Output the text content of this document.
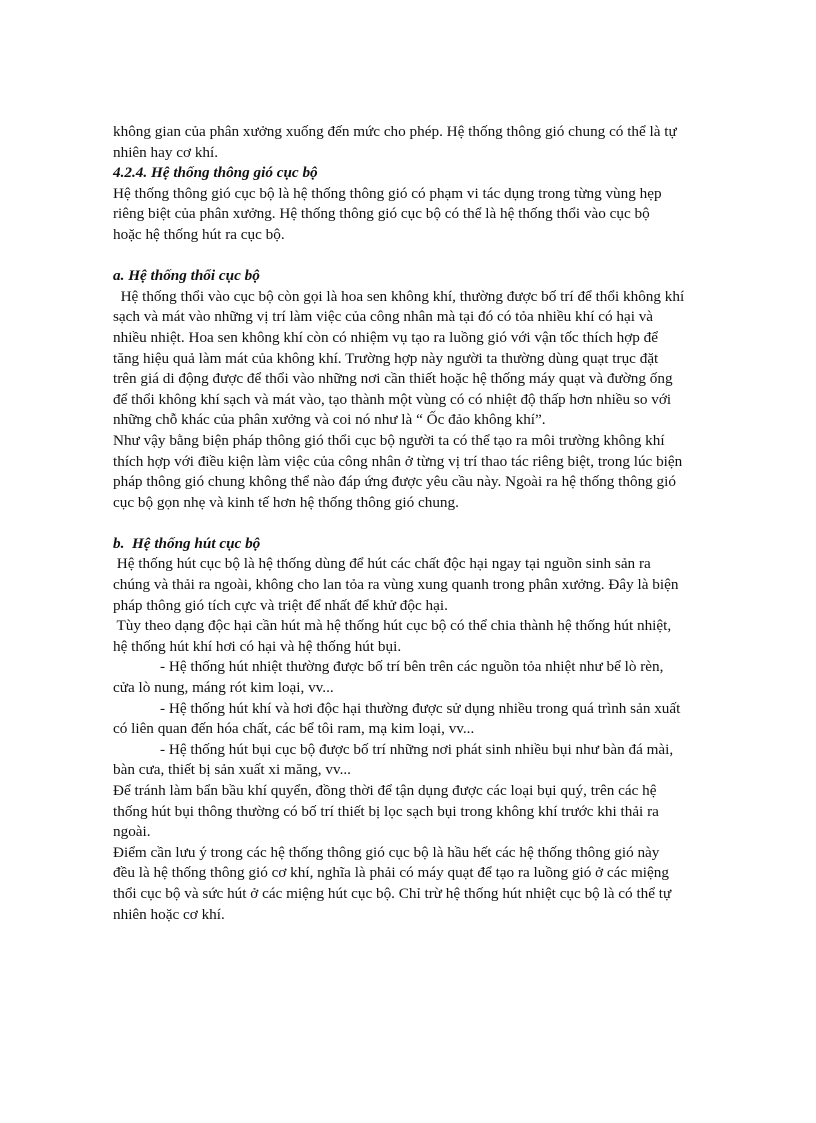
không gian của phân xưởng xuống đến mức cho phép. Hệ thống thông gió chung có thể là tự
nhiên hay cơ khí.
4.2.4. Hệ thống thông gió cục bộ
Hệ thống thông gió cục bộ là hệ thống thông gió có phạm vi tác dụng trong từng vùng hẹp
riêng biệt của phân xưởng. Hệ thống thông gió cục bộ có thể là hệ thống thổi vào cục bộ
hoặc hệ thống hút ra cục bộ.
a. Hệ thống thổi cục bộ
Hệ thống thổi vào cục bộ còn gọi là hoa sen không khí, thường được bố trí để thổi không khí
sạch và mát vào những vị trí làm việc của công nhân mà tại đó có tỏa nhiều khí có hại và
nhiều nhiệt. Hoa sen không khí còn có nhiệm vụ tạo ra luồng gió với vận tốc thích hợp để
tăng hiệu quả làm mát của không khí. Trường hợp này người ta thường dùng quạt trục đặt
trên giá di động được để thổi vào những nơi cần thiết hoặc hệ thống máy quạt và đường ống
để thổi không khí sạch và mát vào, tạo thành một vùng có có nhiệt độ thấp hơn nhiều so với
những chỗ khác của phân xưởng và coi nó như là “ Ốc đảo không khí”.
Như vậy bằng biện pháp thông gió thổi cục bộ người ta có thể tạo ra môi trường không khí
thích hợp với điều kiện làm việc của công nhân ở từng vị trí thao tác riêng biệt, trong lúc biện
pháp thông gió chung không thể nào đáp ứng được yêu cầu này. Ngoài ra hệ thống thông gió
cục bộ gọn nhẹ và kinh tế hơn hệ thống thông gió chung.
b.  Hệ thống hút cục bộ
Hệ thống hút cục bộ là hệ thống dùng để hút các chất độc hại ngay tại nguồn sinh sản ra
chúng và thải ra ngoài, không cho lan tỏa ra vùng xung quanh trong phân xưởng. Đây là biện
pháp thông gió tích cực và triệt để nhất để khử độc hại.
Tùy theo dạng độc hại cần hút mà hệ thống hút cục bộ có thể chia thành hệ thống hút nhiệt,
hệ thống hút khí hơi có hại và hệ thống hút bụi.
- Hệ thống hút nhiệt thường được bố trí bên trên các nguồn tỏa nhiệt như bể lò rèn,
cửa lò nung, máng rót kim loại, vv...
- Hệ thống hút khí và hơi độc hại thường được sử dụng nhiều trong quá trình sản xuất
có liên quan đến hóa chất, các bể tôi ram, mạ kim loại, vv...
- Hệ thống hút bụi cục bộ được bố trí những nơi phát sinh nhiều bụi như bàn đá mài,
bàn cưa, thiết bị sản xuất xi măng, vv...
Để tránh làm bẩn bầu khí quyển, đồng thời để tận dụng được các loại bụi quý, trên các hệ
thống hút bụi thông thường có bố trí thiết bị lọc sạch bụi trong không khí trước khi thải ra
ngoài.
Điểm cần lưu ý trong các hệ thống thông gió cục bộ là hầu hết các hệ thống thông gió này
đều là hệ thống thông gió cơ khí, nghĩa là phải có máy quạt để tạo ra luồng gió ở các miệng
thổi cục bộ và sức hút ở các miệng hút cục bộ. Chỉ trừ hệ thống hút nhiệt cục bộ là có thể tự
nhiên hoặc cơ khí.
